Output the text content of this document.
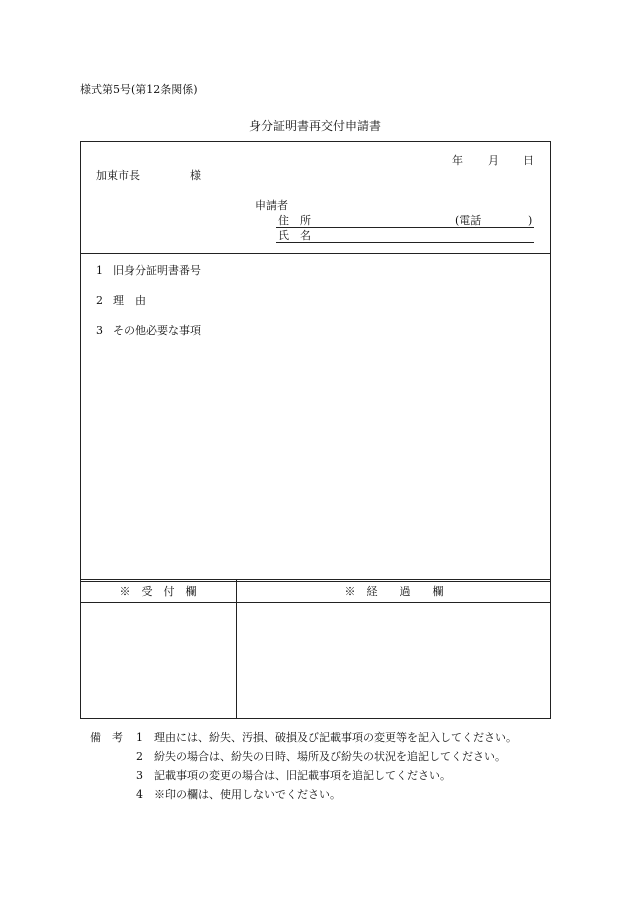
様式第5号(第12条関係)
身分証明書再交付申請書
年 月 日
加東市長	様
申請者
住　所	(電話	)
氏　名
1 旧身分証明書番号
2 理　由
3 その他必要な事項
※　受　付　欄	※　経　　過　　欄
備　考 1 理由には、紛失、汚損、破損及び記載事項の変更等を記入してください。
2 紛失の場合は、紛失の日時、場所及び紛失の状況を追記してください。
3 記載事項の変更の場合は、旧記載事項を追記してください。
4 ※印の欄は、使用しないでください。
